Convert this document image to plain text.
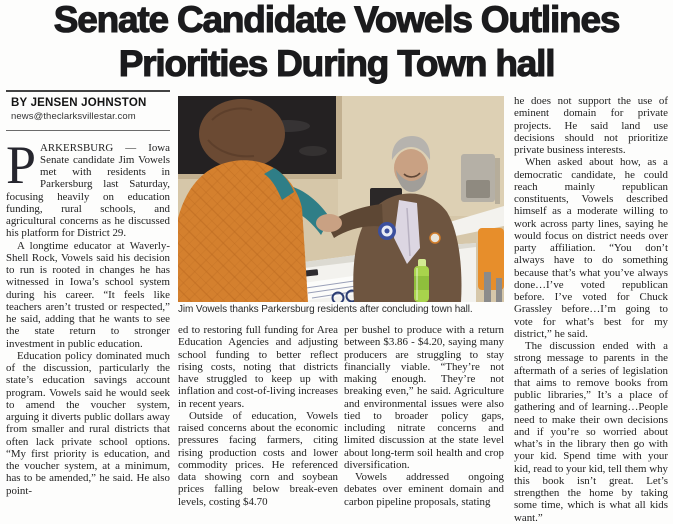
Senate Candidate Vowels Outlines
Priorities During Town hall
BY JENSEN JOHNSTON
news@theclarksvillestar.com

PARKERSBURG — Iowa Senate candidate Jim Vowels met with residents in Parkersburg last Saturday, focusing heavily on education funding, rural schools, and agricultural concerns as he discussed his platform for District 29.

A longtime educator at Waverly-Shell Rock, Vowels said his decision to run is rooted in changes he has witnessed in Iowa’s school system during his career. “It feels like teachers aren’t trusted or respected,” he said, adding that he wants to see the state return to stronger investment in public education.

Education policy dominated much of the discussion, particularly the state’s education savings account program. Vowels said he would seek to amend the voucher system, arguing it diverts public dollars away from smaller and rural districts that often lack private school options. “My first priority is education, and the voucher system, at a minimum, has to be amended,” he said. He also point-

Jim Vowels thanks Parkersburg residents after concluding town hall.

ed to restoring full funding for Area Education Agencies and adjusting school funding to better reflect rising costs, noting that districts have struggled to keep up with inflation and cost-of-living increases in recent years.

Outside of education, Vowels raised concerns about the economic pressures facing farmers, citing rising production costs and lower commodity prices. He referenced data showing corn and soybean prices falling below break-even levels, costing $4.70

per bushel to produce with a return between $3.86 - $4.20, saying many producers are struggling to stay financially viable. “They’re not making enough. They’re not breaking even,” he said. Agriculture and environmental issues were also tied to broader policy gaps, including nitrate concerns and limited discussion at the state level about long-term soil health and crop diversification.

Vowels addressed ongoing debates over eminent domain and carbon pipeline proposals, stating

he does not support the use of eminent domain for private projects. He said land use decisions should not prioritize private business interests.

When asked about how, as a democratic candidate, he could reach mainly republican constituents, Vowels described himself as a moderate willing to work across party lines, saying he would focus on district needs over party affiliation. “You don’t always have to do something because that’s what you’ve always done…I’ve voted republican before. I’ve voted for Chuck Grassley before…I’m going to vote for what’s best for my district,” he said.

The discussion ended with a strong message to parents in the aftermath of a series of legislation that aims to remove books from public libraries,” It’s a place of gathering and of learning…People need to make their own decisions and if you’re so worried about what’s in the library then go with your kid. Spend time with your kid, read to your kid, tell them why this book isn’t great. Let’s strengthen the home by taking some time, which is what all kids want.”
